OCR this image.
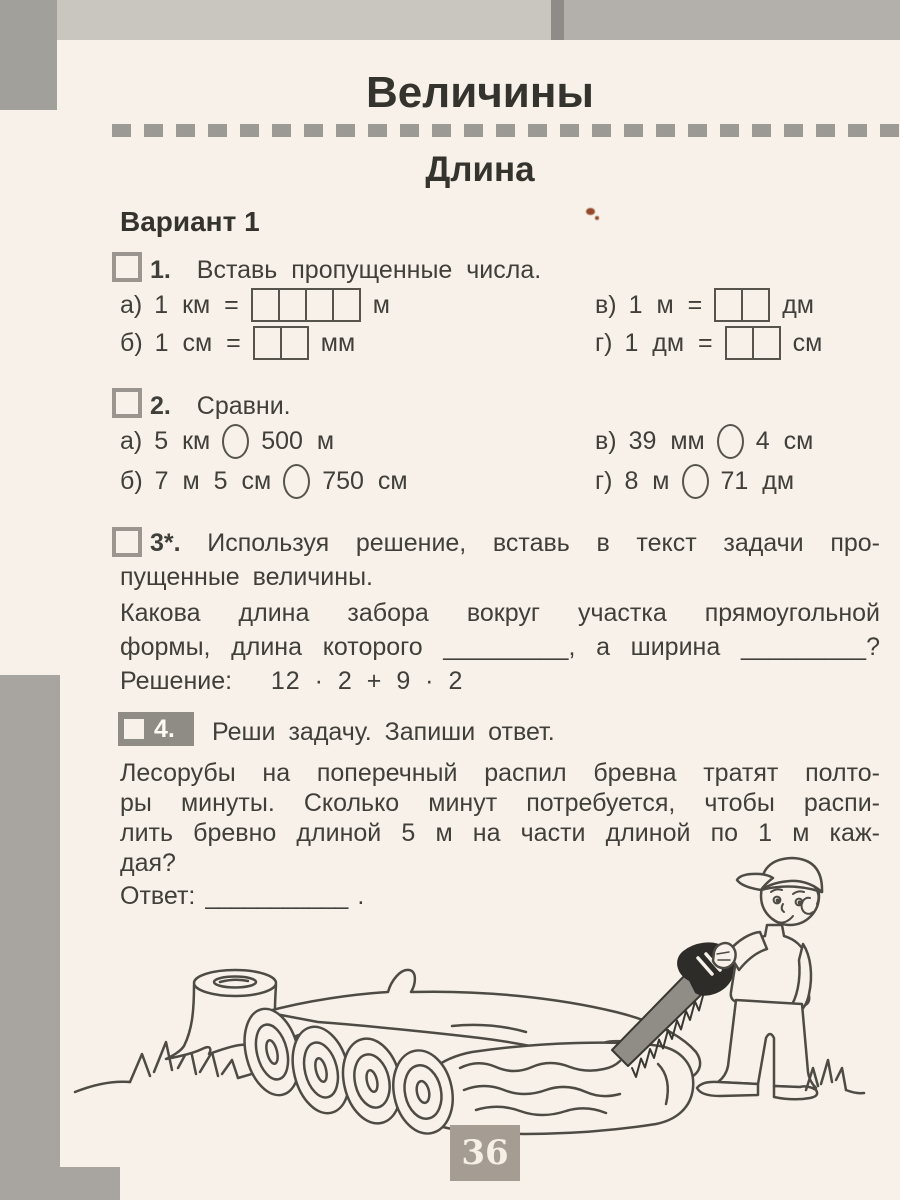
Величины
Длина
Вариант 1
1. Вставь пропущенные числа.
а) 1 км =	м
б) 1 см =	мм
в) 1 м =	дм
г) 1 дм =	см
2. Сравни.
а) 5 км 500 м
б) 7 м 5 см 750 см
в) 39 мм 4 см
г) 8 м 71 дм
3*. Используя решение, вставь в текст задачи про-
пущенные величины.
Какова длина забора вокруг участка прямоугольной
формы, длина которого _________, а ширина _________?
Решение: 12 · 2 + 9 · 2
4. Реши задачу. Запиши ответ.
Лесорубы на поперечный распил бревна тратят полто-
ры минуты. Сколько минут потребуется, чтобы распи-
лить бревно длиной 5 м на части длиной по 1 м каж-
дая?
Ответ: ___________ .
36
